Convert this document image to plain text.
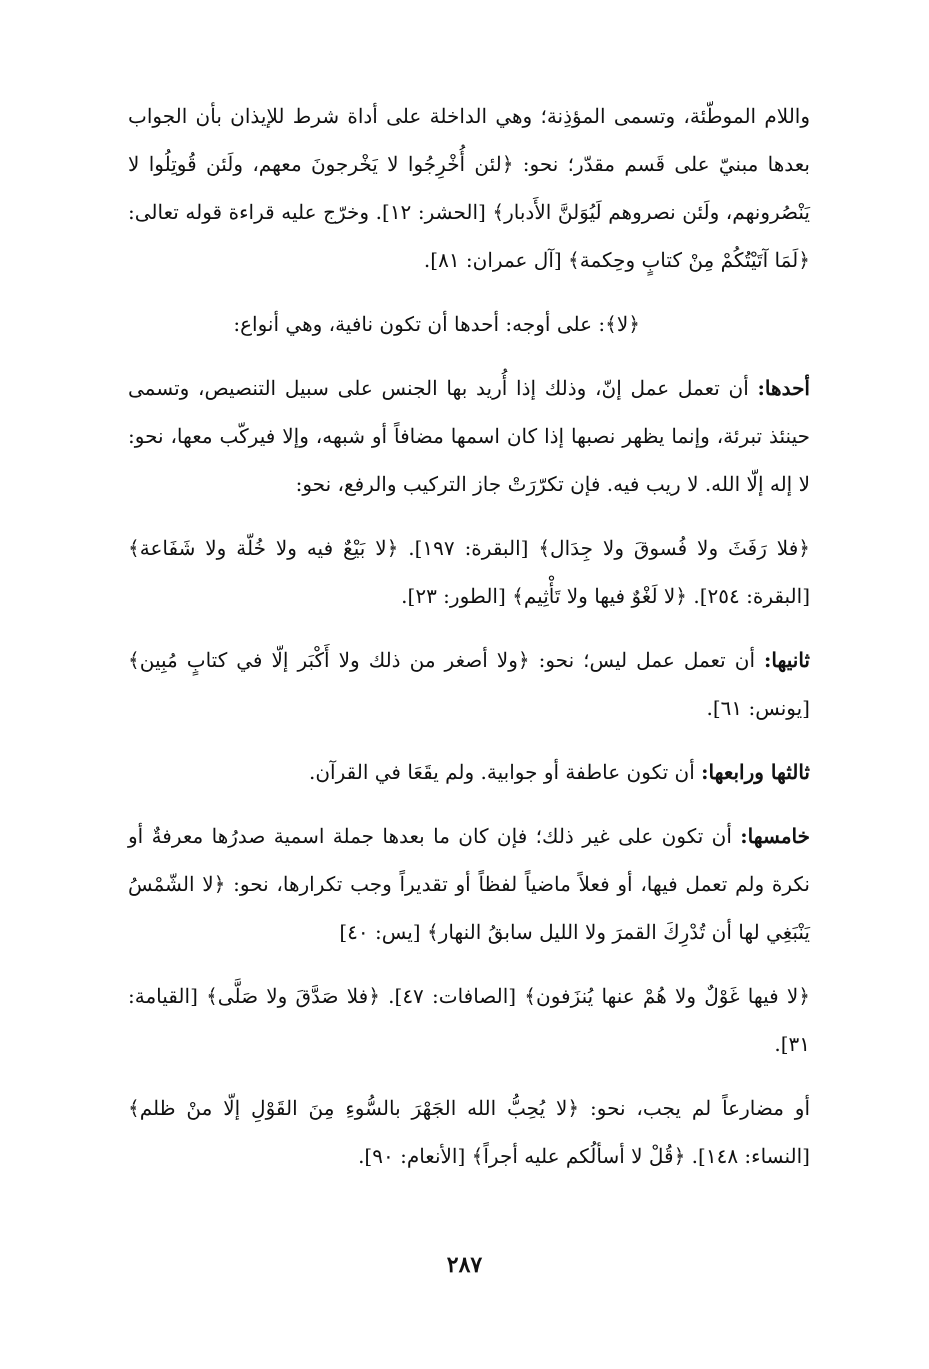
واللام الموطّئة، وتسمى المؤذِنة؛ وهي الداخلة على أداة شرط للإيذان بأن الجواب بعدها مبنيّ على قَسم مقدّر؛ نحو: ﴿لئن أُخْرِجُوا لا يَخْرجونَ معهم، ولَئن قُوتِلُوا لا يَنْصُرونهم، ولَئن نصروهم لَيُوَلنَّ الأَدبار﴾ [الحشر: ١٢]. وخرّج عليه قراءة قوله تعالى: ﴿لَمَا آتَيْتُكُمْ مِنْ كتابٍ وحِكمة﴾ [آل عمران: ٨١].

﴿لا﴾: على أوجه: أحدها أن تكون نافية، وهي أنواع:

أحدها: أن تعمل عمل إنّ، وذلك إذا أُريد بها الجنس على سبيل التنصيص، وتسمى حينئذ تبرئة، وإنما يظهر نصبها إذا كان اسمها مضافاً أو شبهه، وإلا فيركّب معها، نحو: لا إله إلّا الله. لا ريب فيه. فإن تكرّرَتْ جاز التركيب والرفع، نحو:

﴿فلا رَفَثَ ولا فُسوقَ ولا جِدَال﴾ [البقرة: ١٩٧]. ﴿لا بَيْعٌ فيه ولا خُلّة ولا شَفَاعة﴾ [البقرة: ٢٥٤]. ﴿لا لَغْوٌ فيها ولا تَأْثِيم﴾ [الطور: ٢٣].

ثانيها: أن تعمل عمل ليس؛ نحو: ﴿ولا أصغر من ذلك ولا أَكْبَر إلّا في كتابٍ مُبِين﴾ [يونس: ٦١].

ثالثها ورابعها: أن تكون عاطفة أو جوابية. ولم يقَعَا في القرآن.

خامسها: أن تكون على غير ذلك؛ فإن كان ما بعدها جملة اسمية صدرُها معرفةٌ أو نكرة ولم تعمل فيها، أو فعلاً ماضياً لفظاً أو تقديراً وجب تكرارها، نحو: ﴿لا الشّمْسُ يَنْبَغِي لها أن تُدْرِكَ القمرَ ولا الليل سابقُ النهار﴾ [يس: ٤٠]

﴿لا فيها غَوْلٌ ولا هُمْ عنها يُنزَفون﴾ [الصافات: ٤٧]. ﴿فلا صَدَّقَ ولا صَلَّى﴾ [القيامة: ٣١].

أو مضارعاً لم يجب، نحو: ﴿لا يُحِبُّ الله الجَهْرَ بالسُّوءِ مِنَ القَوْلِ إلّا منْ ظلم﴾ [النساء: ١٤٨]. ﴿قُلْ لا أسألُكم عليه أجراً﴾ [الأنعام: ٩٠].

٢٨٧
